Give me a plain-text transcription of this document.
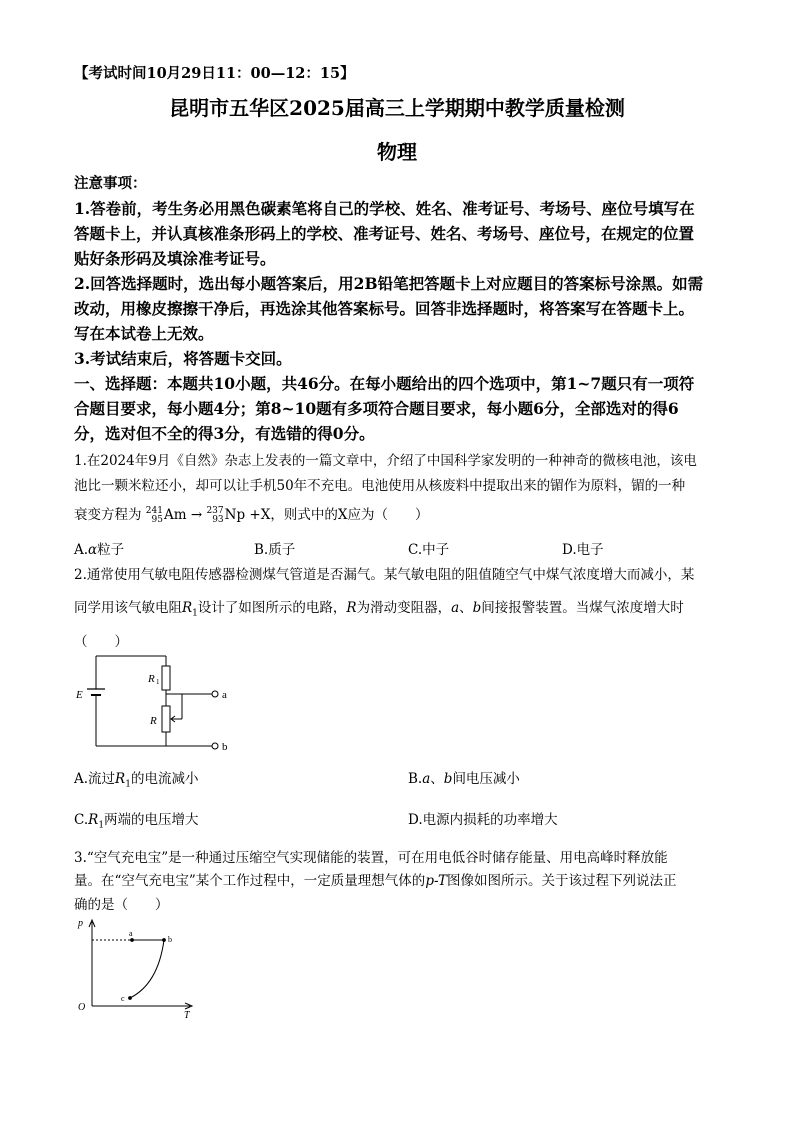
【考试时间10月29日11：00—12：15】
昆明市五华区2025届高三上学期期中教学质量检测
物理
注意事项：
1.答卷前，考生务必用黑色碳素笔将自己的学校、姓名、准考证号、考场号、座位号填写在
答题卡上，并认真核准条形码上的学校、准考证号、姓名、考场号、座位号，在规定的位置
贴好条形码及填涂准考证号。
2.回答选择题时，选出每小题答案后，用2B铅笔把答题卡上对应题目的答案标号涂黑。如需
改动，用橡皮擦擦干净后，再选涂其他答案标号。回答非选择题时，将答案写在答题卡上。
写在本试卷上无效。
3.考试结束后，将答题卡交回。
一、选择题：本题共10小题，共46分。在每小题给出的四个选项中，第1~7题只有一项符
合题目要求，每小题4分；第8~10题有多项符合题目要求，每小题6分，全部选对的得6
分，选对但不全的得3分，有选错的得0分。
1.在2024年9月《自然》杂志上发表的一篇文章中，介绍了中国科学家发明的一种神奇的微核电池，该电
池比一颗米粒还小，却可以让手机50年不充电。电池使用从核废料中提取出来的镅作为原料，镅的一种
衰变方程为 241
95 Am → 237
93 Np +X，则式中的X应为（　　）
A.α粒子	B.质子	C.中子	D.电子
2.通常使用气敏电阻传感器检测煤气管道是否漏气。某气敏电阻的阻值随空气中煤气浓度增大而减小，某
同学用该气敏电阻$R_1$设计了如图所示的电路，R为滑动变阻器，a、b间接报警装置。当煤气浓度增大时
（　　）
E
R 1
R
a
b
A.流过$R_1$的电流减小	B.a、b间电压减小
$C.R_1$两端的电压增大	D.电源内损耗的功率增大
3.“空气充电宝”是一种通过压缩空气实现储能的装置，可在用电低谷时储存能量、用电高峰时释放能
量。在“空气充电宝”某个工作过程中，一定质量理想气体的p-T图像如图所示。关于该过程下列说法正
确的是（　　）
p
T
O
a
b
c
